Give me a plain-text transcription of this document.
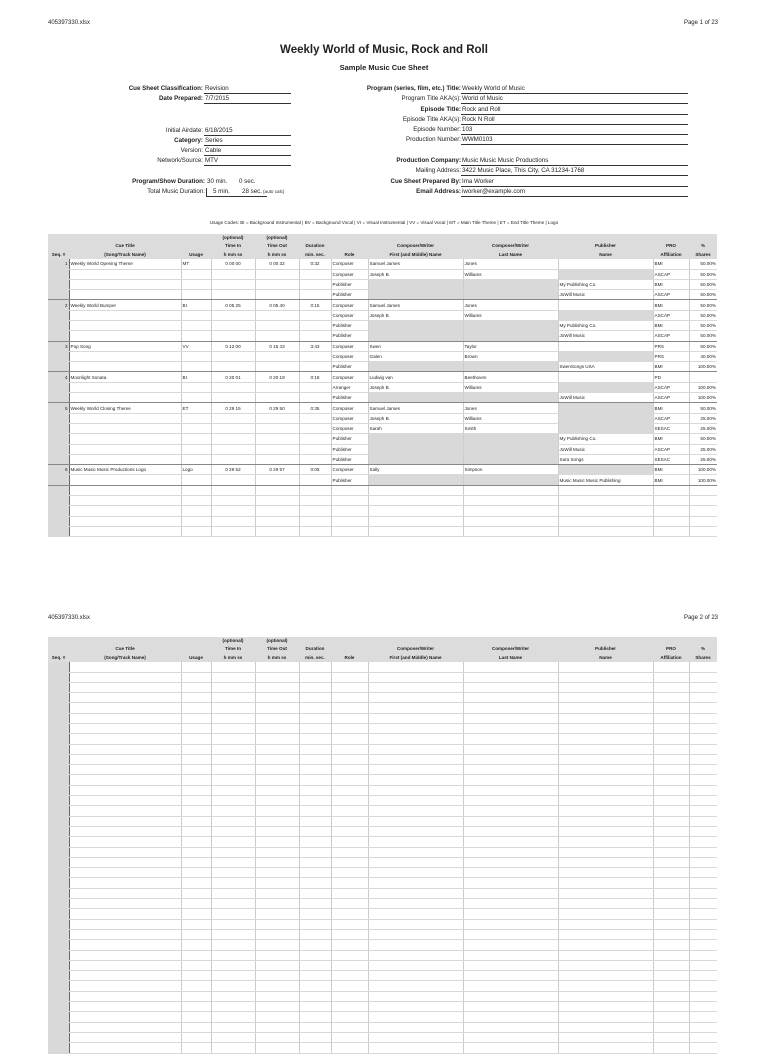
405397330.xlsx	Page 1 of 23
Weekly World of Music, Rock and Roll
Sample Music Cue Sheet
Cue Sheet Classification: Revision
Date Prepared: 7/7/2015
Initial Airdate: 6/18/2015
Category: Series
Version: Cable
Network/Source: MTV
Program/Show Duration: 30 min.	0 sec.
Total Music Duration:	5 min.	28 sec. (auto calc)
Program (series, film, etc.) Title: Weekly World of Music
Program Title AKA(s): World of Music
Episode Title: Rock and Roll
Episode Title AKA(s): Rock N Roll
Episode Number: 103
Production Number: WWM0103
Production Company: Music Music Music Productions
Mailing Address: 3422 Music Place, This City, CA 31234-1768
Cue Sheet Prepared By: Ima Worker
Email Address: iworker@example.com
Usage Codes: BI = Background Instrumental | BV = Background Vocal | VI = Visual Instrumental | VV = Visual Vocal | MT = Main Title Theme | ET = End Title Theme | Logo
			(optional)	(optional)							
	Cue Title		Time In	Time Out	Duration		Composer/Writer	Composer/Writer	Publisher	PRO	%
Seq. #	(Song/Track Name)	Usage	h mm ss	h mm ss	min. sec.	Role	First (and Middle) Name	Last Name	Name	Affiliation	Shares
1	Weekly World Opening Theme	MT	0 00 00	0 00 32	0:32	Composer	Samuel James	Jones		BMI	50.00%
						Composer	Joseph B.	Williams		ASCAP	50.00%
						Publisher			My Publishing Co.	BMI	50.00%
						Publisher			JoWill Music	ASCAP	50.00%
2	Weekly World Bumper	BI	0 05 25	0 05 40	0:15	Composer	Samuel James	Jones		BMI	50.00%
						Composer	Joseph B.	Williams		ASCAP	50.00%
						Publisher			My Publishing Co.	BMI	50.00%
						Publisher			JoWill Music	ASCAP	50.00%
3	Pop Song	VV	0 12 00	0 15 43	3:43	Composer	Swen	Taylor		PRS	60.00%
						Composer	Galen	Brown		PRS	40.00%
						Publisher			SwenSongs USA	BMI	100.00%
4	Moonlight Sonata	BI	0 20 01	0 20 19	0:18	Composer	Ludwig van	Beethoven		PD	
						Arranger	Joseph B.	Williams		ASCAP	100.00%
						Publisher			JoWill Music	ASCAP	100.00%
5	Weekly World Closing Theme	ET	0 29 15	0 29 50	0:35	Composer	Samuel James	Jones		BMI	50.00%
						Composer	Joseph B.	Williams		ASCAP	25.00%
						Composer	Sarah	Smith		SESAC	25.00%
						Publisher			My Publishing Co.	BMI	50.00%
						Publisher			JoWill Music	ASCAP	25.00%
						Publisher			Sara Songs	SESAC	25.00%
6	Music Music Music Productions Logo	Logo	0 29 52	0 29 57	0:05	Composer	Sally	Simpson		BMI	100.00%
						Publisher			Music Music Music Publishing	BMI	100.00%

405397330.xlsx	Page 2 of 23
			(optional)	(optional)							
	Cue Title		Time In	Time Out	Duration		Composer/Writer	Composer/Writer	Publisher	PRO	%
Seq. #	(Song/Track Name)	Usage	h mm ss	h mm ss	min. sec.	Role	First (and Middle) Name	Last Name	Name	Affiliation	Shares
